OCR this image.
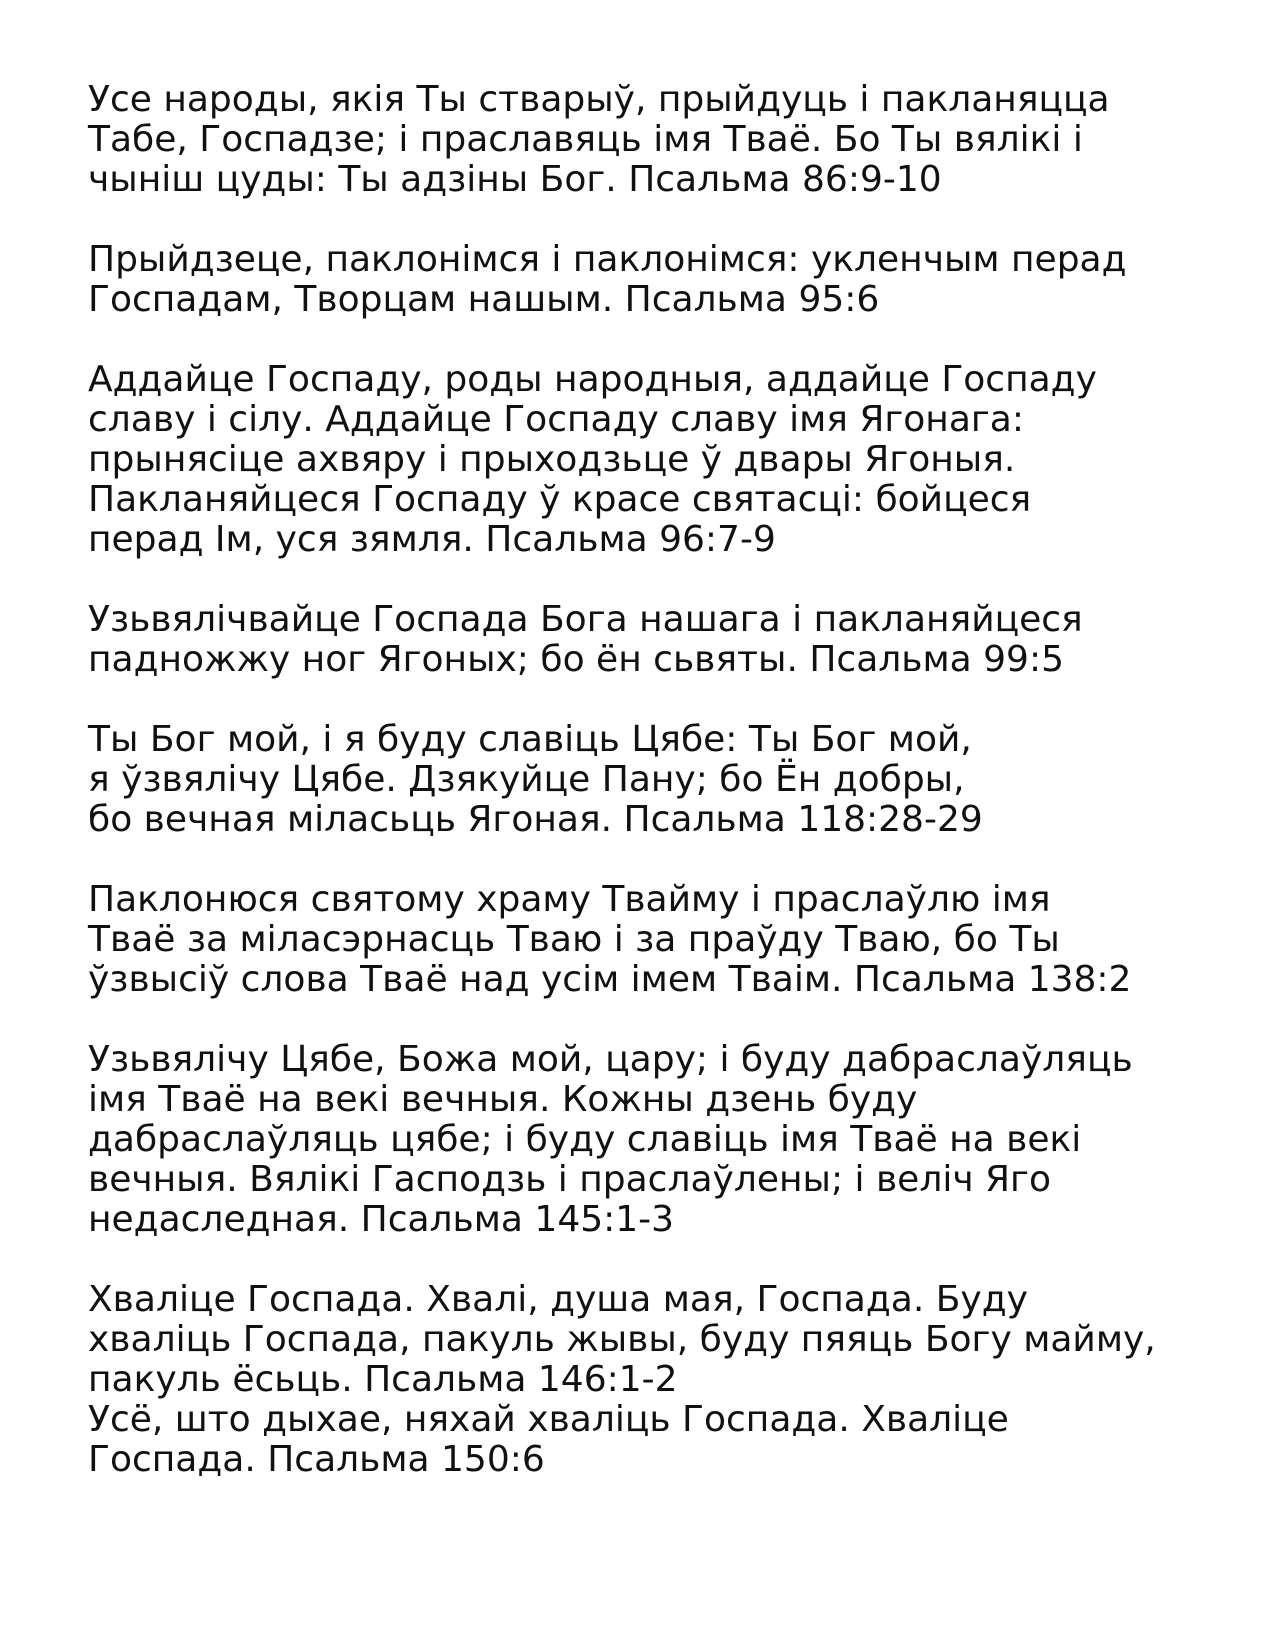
Усе народы, якія Ты стварыў, прыйдуць і пакланяцца
Табе, Госпадзе; і праславяць імя Тваё. Бо Ты вялікі і
чыніш цуды: Ты адзіны Бог. Псальма 86:9-10
Прыйдзеце, паклонімся і паклонімся: укленчым перад
Госпадам, Творцам нашым. Псальма 95:6
Аддайце Госпаду, роды народныя, аддайце Госпаду
славу і сілу. Аддайце Госпаду славу імя Ягонага:
прынясіце ахвяру і прыходзьце ў двары Ягоныя.
Пакланяйцеся Госпаду ў красе святасці: бойцеся
перад Ім, уся зямля. Псальма 96:7-9
Узьвялічвайце Госпада Бога нашага і пакланяйцеся
падножжу ног Ягоных; бо ён сьвяты. Псальма 99:5
Ты Бог мой, і я буду славіць Цябе: Ты Бог мой,
я ўзвялічу Цябе. Дзякуйце Пану; бо Ён добры,
бо вечная міласьць Ягоная. Псальма 118:28-29
Паклонюся святому храму Твайму і праслаўлю імя
Тваё за міласэрнасць Тваю і за праўду Тваю, бо Ты
ўзвысіў слова Тваё над усім імем Тваім. Псальма 138:2
Узьвялічу Цябе, Божа мой, цару; і буду дабраслаўляць
імя Тваё на векі вечныя. Кожны дзень буду
дабраслаўляць цябе; і буду славіць імя Тваё на векі
вечныя. Вялікі Гасподзь і праслаўлены; і веліч Яго
недаследная. Псальма 145:1-3
Хваліце Госпада. Хвалі, душа мая, Госпада. Буду
хваліць Госпада, пакуль жывы, буду пяяць Богу майму,
пакуль ёсьць. Псальма 146:1-2
Усё, што дыхае, няхай хваліць Госпада. Хваліце
Госпада. Псальма 150:6
